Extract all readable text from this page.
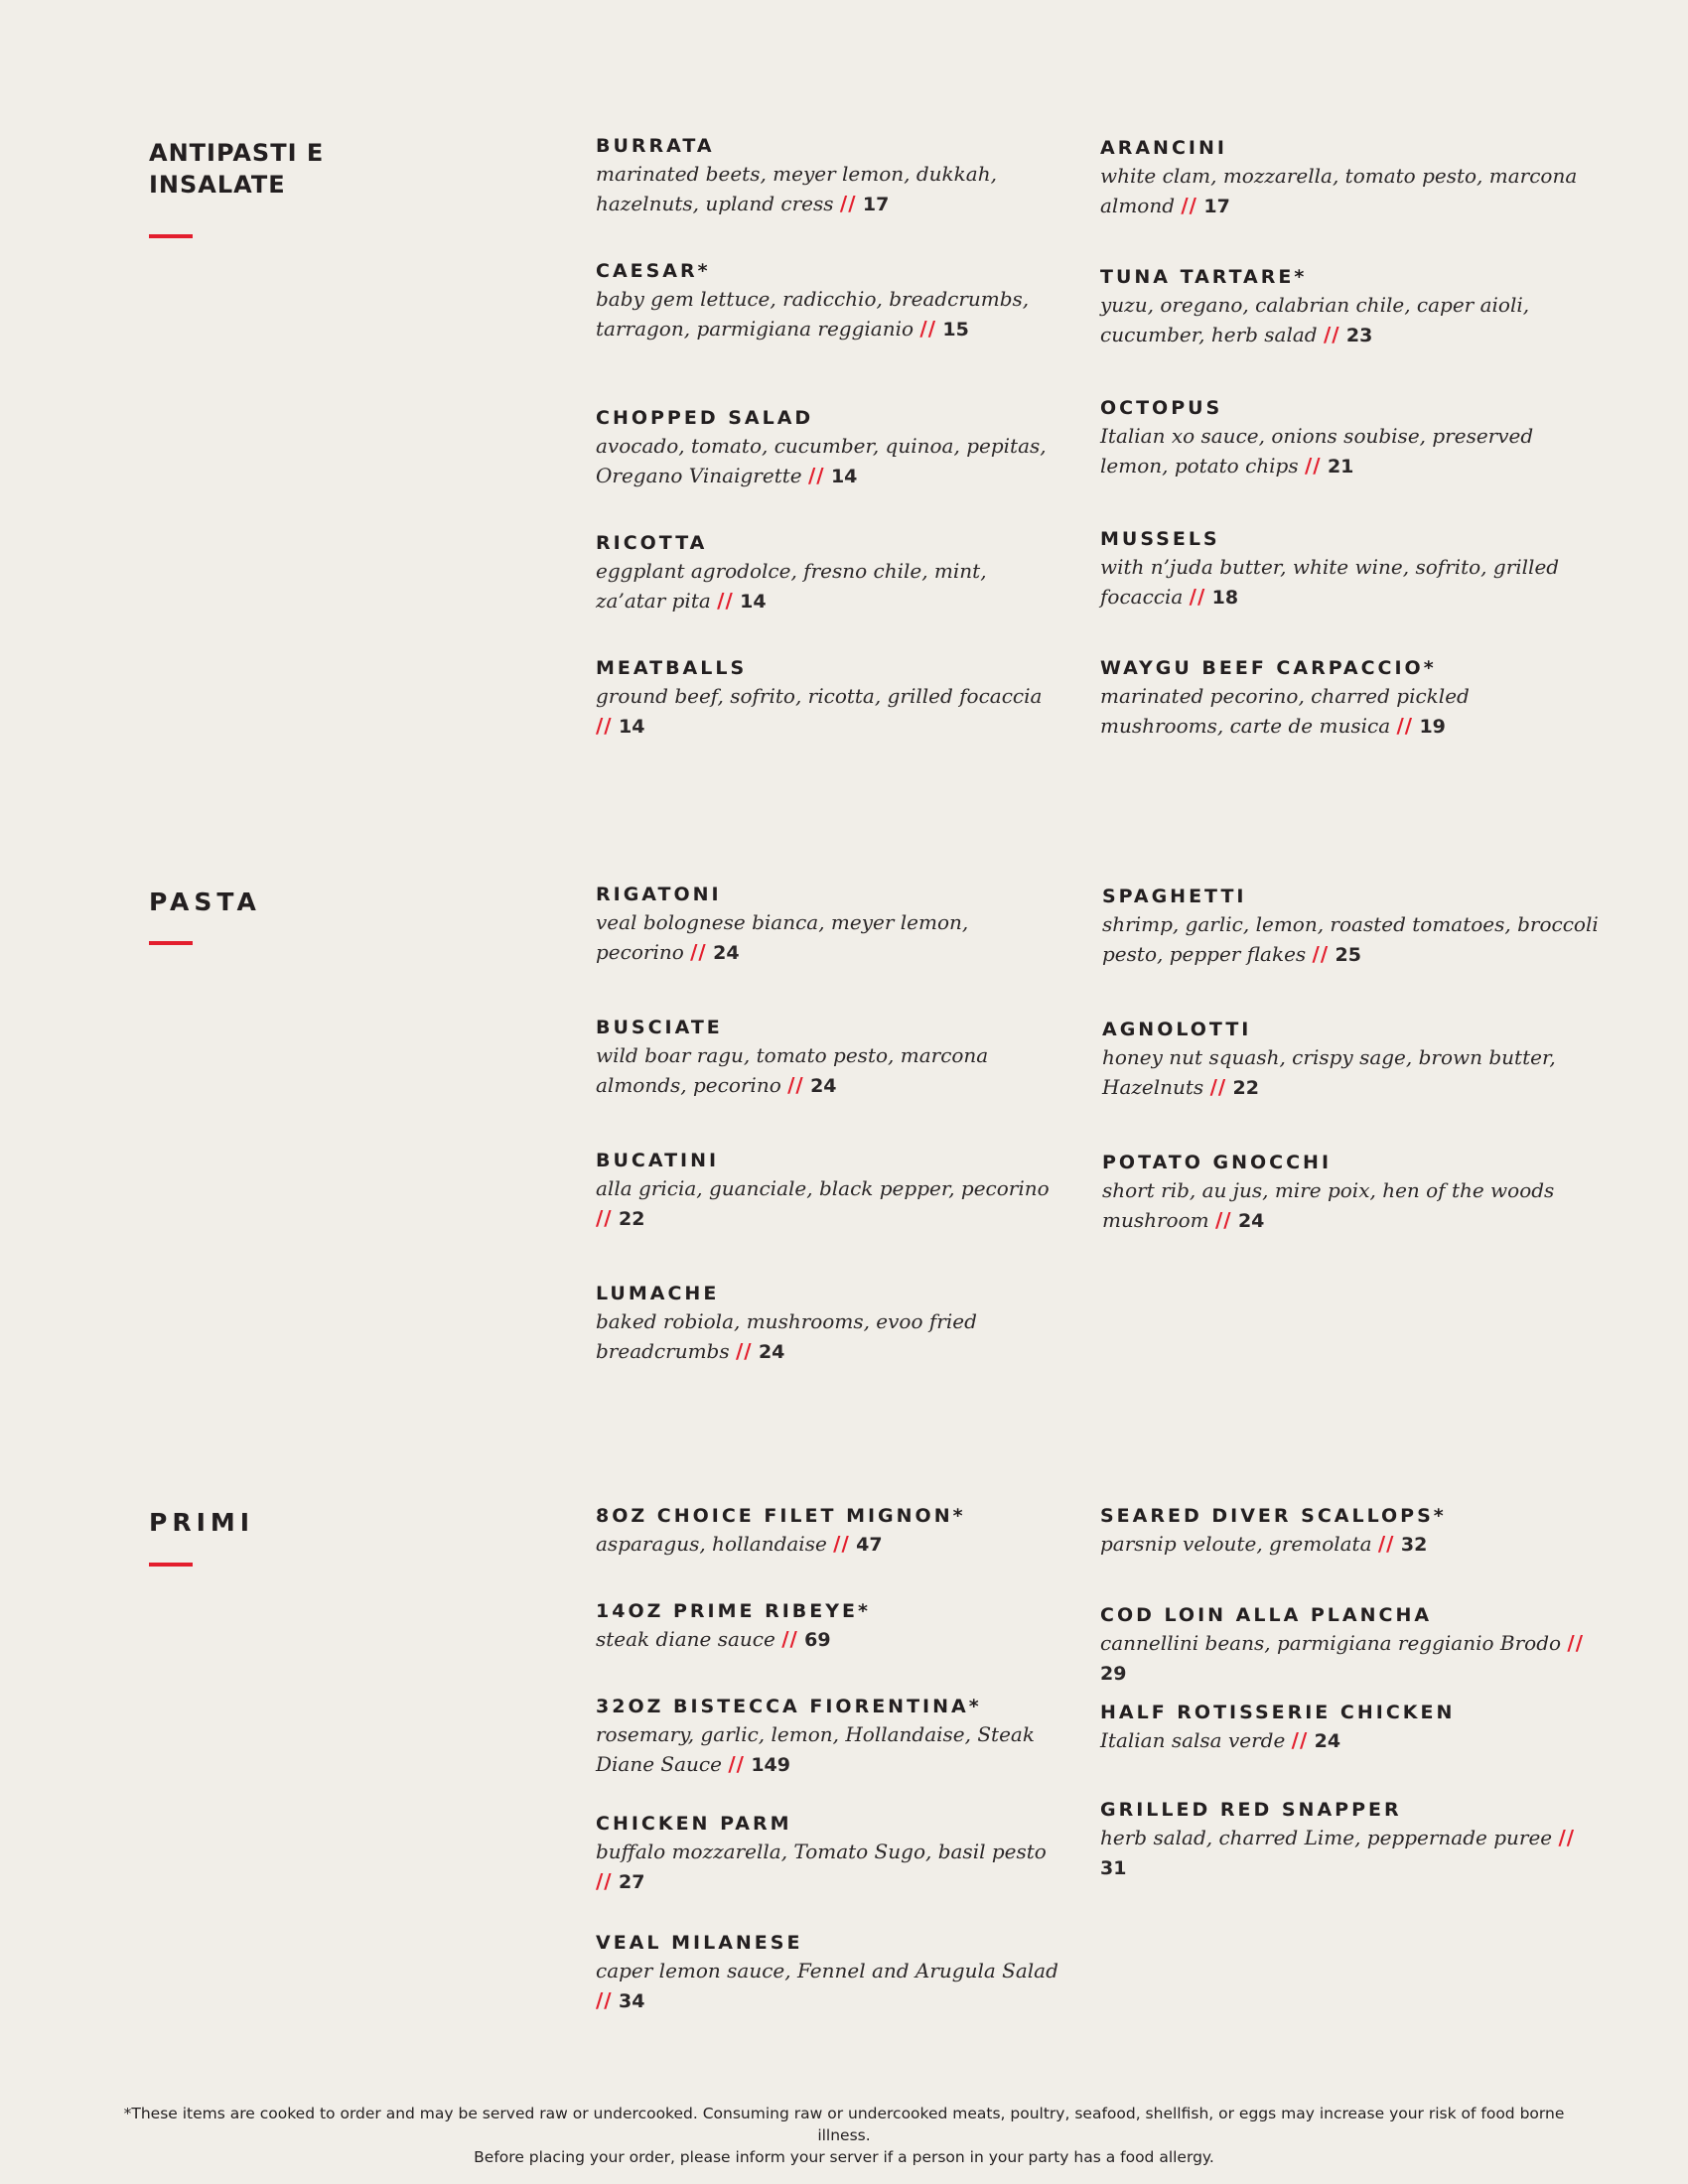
ANTIPASTI E
INSALATE

BURRATA

marinated beets, meyer lemon, dukkah, hazelnuts, upland cress // 17

CAESAR*

baby gem lettuce, radicchio, breadcrumbs, tarragon, parmigiana reggianio // 15

CHOPPED SALAD

avocado, tomato, cucumber, quinoa, pepitas, Oregano Vinaigrette // 14

RICOTTA

eggplant agrodolce, fresno chile, mint, za’atar pita // 14

MEATBALLS

ground beef, sofrito, ricotta, grilled focaccia // 14

ARANCINI

white clam, mozzarella, tomato pesto, marcona almond // 17

TUNA TARTARE*

yuzu, oregano, calabrian chile, caper aioli, cucumber, herb salad // 23

OCTOPUS

Italian xo sauce, onions soubise, preserved lemon, potato chips // 21

MUSSELS

with n’juda butter, white wine, sofrito, grilled focaccia // 18

WAYGU BEEF CARPACCIO*

marinated pecorino, charred pickled mushrooms, carte de musica // 19

PASTA	RIGATONI

veal bolognese bianca, meyer lemon, pecorino // 24

BUSCIATE

wild boar ragu, tomato pesto, marcona almonds, pecorino // 24

BUCATINI

alla gricia, guanciale, black pepper, pecorino // 22

LUMACHE

baked robiola, mushrooms, evoo fried breadcrumbs // 24

SPAGHETTI

shrimp, garlic, lemon, roasted tomatoes, broccoli pesto, pepper flakes // 25

AGNOLOTTI

honey nut squash, crispy sage, brown butter, Hazelnuts // 22

POTATO GNOCCHI

short rib, au jus, mire poix, hen of the woods mushroom // 24

PRIMI	8OZ CHOICE FILET MIGNON*

asparagus, hollandaise // 47

14OZ PRIME RIBEYE*

steak diane sauce // 69

32OZ BISTECCA FIORENTINA*

rosemary, garlic, lemon, Hollandaise, Steak Diane Sauce // 149

CHICKEN PARM

buffalo mozzarella, Tomato Sugo, basil pesto // 27

VEAL MILANESE

caper lemon sauce, Fennel and Arugula Salad // 34

SEARED DIVER SCALLOPS*

parsnip veloute, gremolata // 32

COD LOIN ALLA PLANCHA

cannellini beans, parmigiana reggianio Brodo // 29

HALF ROTISSERIE CHICKEN

Italian salsa verde // 24

GRILLED RED SNAPPER

herb salad, charred Lime, peppernade puree // 31

*These items are cooked to order and may be served raw or undercooked. Consuming raw or undercooked meats, poultry, seafood, shellfish, or eggs may increase your risk of food borne illness.
Before placing your order, please inform your server if a person in your party has a food allergy.
